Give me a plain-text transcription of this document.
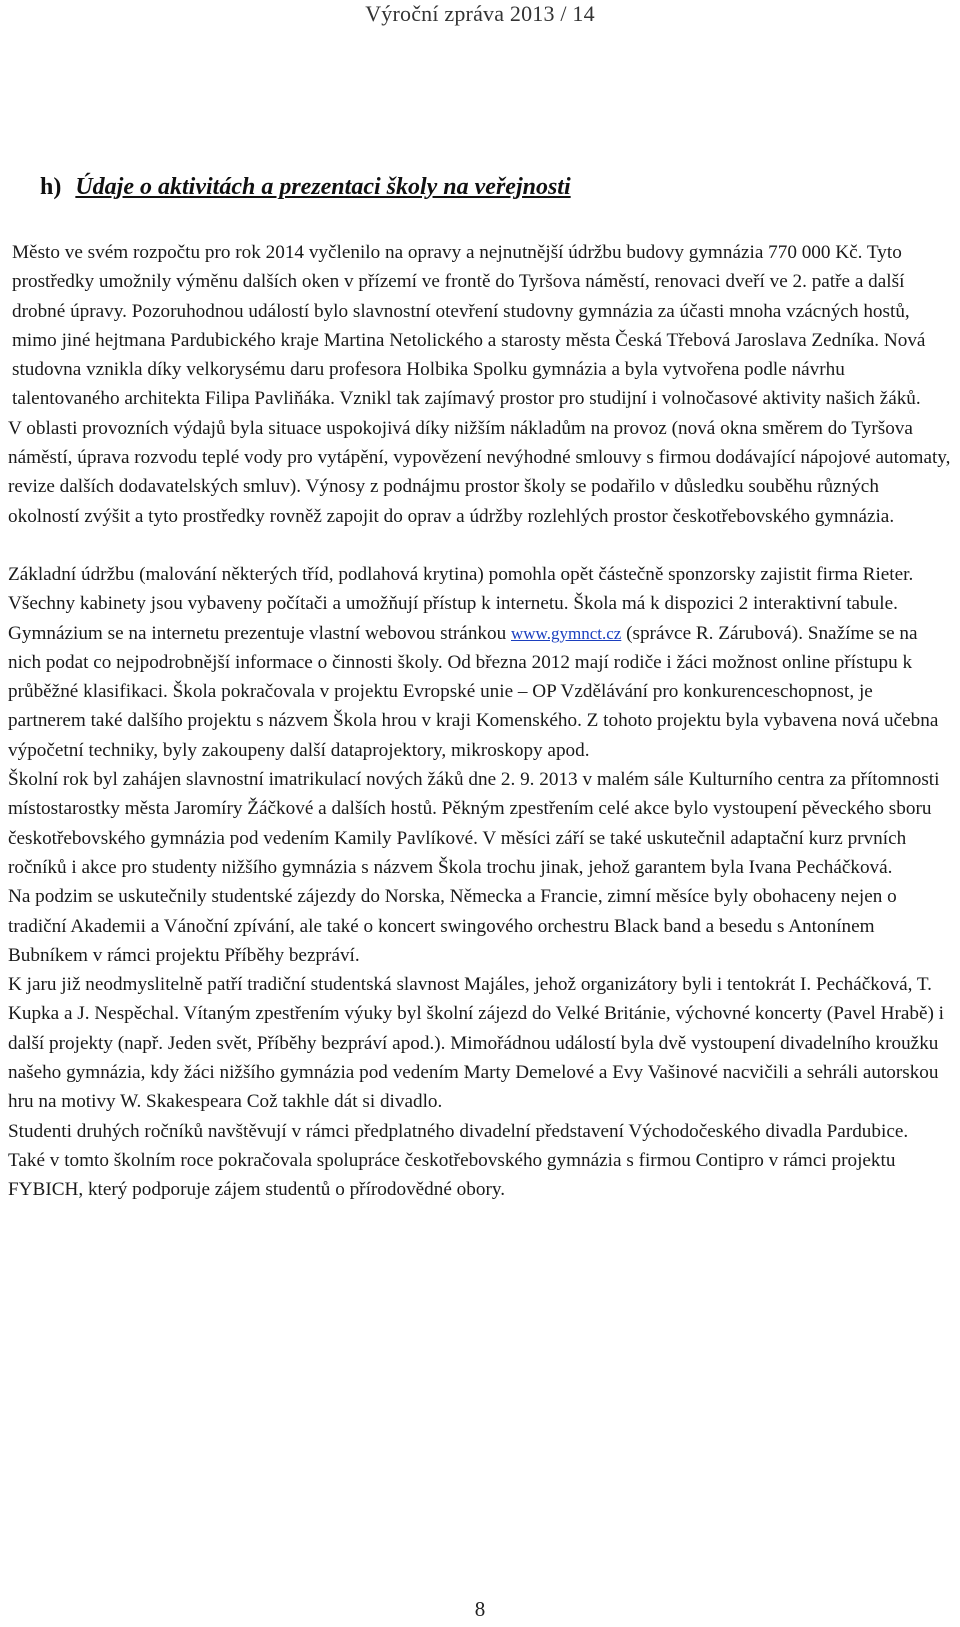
Výroční zpráva 2013 / 14
h) Údaje o aktivitách a prezentaci školy na veřejnosti

Město ve svém rozpočtu pro rok 2014 vyčlenilo na opravy a nejnutnější údržbu budovy gymnázia 770 000 Kč. Tyto prostředky umožnily výměnu dalších oken v přízemí ve frontě do Tyršova náměstí, renovaci dveří ve 2. patře a další drobné úpravy. Pozoruhodnou událostí bylo slavnostní otevření studovny gymnázia za účasti mnoha vzácných hostů, mimo jiné hejtmana Pardubického kraje Martina Netolického a starosty města Česká Třebová Jaroslava Zedníka. Nová studovna vznikla díky velkorysému daru profesora Holbika Spolku gymnázia a byla vytvořena podle návrhu talentovaného architekta Filipa Pavliňáka. Vznikl tak zajímavý prostor pro studijní i volnočasové aktivity našich žáků.

V oblasti provozních výdajů byla situace uspokojivá díky nižším nákladům na provoz (nová okna směrem do Tyršova náměstí, úprava rozvodu teplé vody pro vytápění, vypovězení nevýhodné smlouvy s firmou dodávající nápojové automaty, revize dalších dodavatelských smluv). Výnosy z podnájmu prostor školy se podařilo v důsledku souběhu různých okolností zvýšit a tyto prostředky rovněž zapojit do oprav a údržby rozlehlých prostor českotřebovského gymnázia.

Základní údržbu (malování některých tříd, podlahová krytina) pomohla opět částečně sponzorsky zajistit firma Rieter.

Všechny kabinety jsou vybaveny počítači a umožňují přístup k internetu. Škola má k dispozici 2 interaktivní tabule. Gymnázium se na internetu prezentuje vlastní webovou stránkou www.gymnct.cz (správce R. Zárubová). Snažíme se na nich podat co nejpodrobnější informace o činnosti školy. Od března 2012 mají rodiče i žáci možnost online přístupu k průběžné klasifikaci. Škola pokračovala v projektu Evropské unie – OP Vzdělávání pro konkurenceschopnost, je partnerem také dalšího projektu s názvem Škola hrou v kraji Komenského. Z tohoto projektu byla vybavena nová učebna výpočetní techniky, byly zakoupeny další dataprojektory, mikroskopy apod.

Školní rok byl zahájen slavnostní imatrikulací nových žáků dne 2. 9. 2013 v malém sále Kulturního centra za přítomnosti místostarostky města Jaromíry Žáčkové a dalších hostů. Pěkným zpestřením celé akce bylo vystoupení pěveckého sboru českotřebovského gymnázia pod vedením Kamily Pavlíkové. V měsíci září se také uskutečnil adaptační kurz prvních ročníků i akce pro studenty nižšího gymnázia s názvem Škola trochu jinak, jehož garantem byla Ivana Pecháčková.

Na podzim se uskutečnily studentské zájezdy do Norska, Německa a Francie, zimní měsíce byly obohaceny nejen o tradiční Akademii a Vánoční zpívání, ale také o koncert swingového orchestru Black band a besedu s Antonínem Bubníkem v rámci projektu Příběhy bezpráví.

K jaru již neodmyslitelně patří tradiční studentská slavnost Majáles, jehož organizátory byli i tentokrát I. Pecháčková, T. Kupka a J. Nespěchal. Vítaným zpestřením výuky byl školní zájezd do Velké Británie, výchovné koncerty (Pavel Hrabě) i další projekty (např. Jeden svět, Příběhy bezpráví apod.). Mimořádnou událostí byla dvě vystoupení divadelního kroužku našeho gymnázia, kdy žáci nižšího gymnázia pod vedením Marty Demelové a Evy Vašinové nacvičili a sehráli autorskou hru na motivy W. Skakespeara Což takhle dát si divadlo.

Studenti druhých ročníků navštěvují v rámci předplatného divadelní představení Východočeského divadla Pardubice.

Také v tomto školním roce pokračovala spolupráce českotřebovského gymnázia s firmou Contipro v rámci projektu FYBICH, který podporuje zájem studentů o přírodovědné obory.

8
